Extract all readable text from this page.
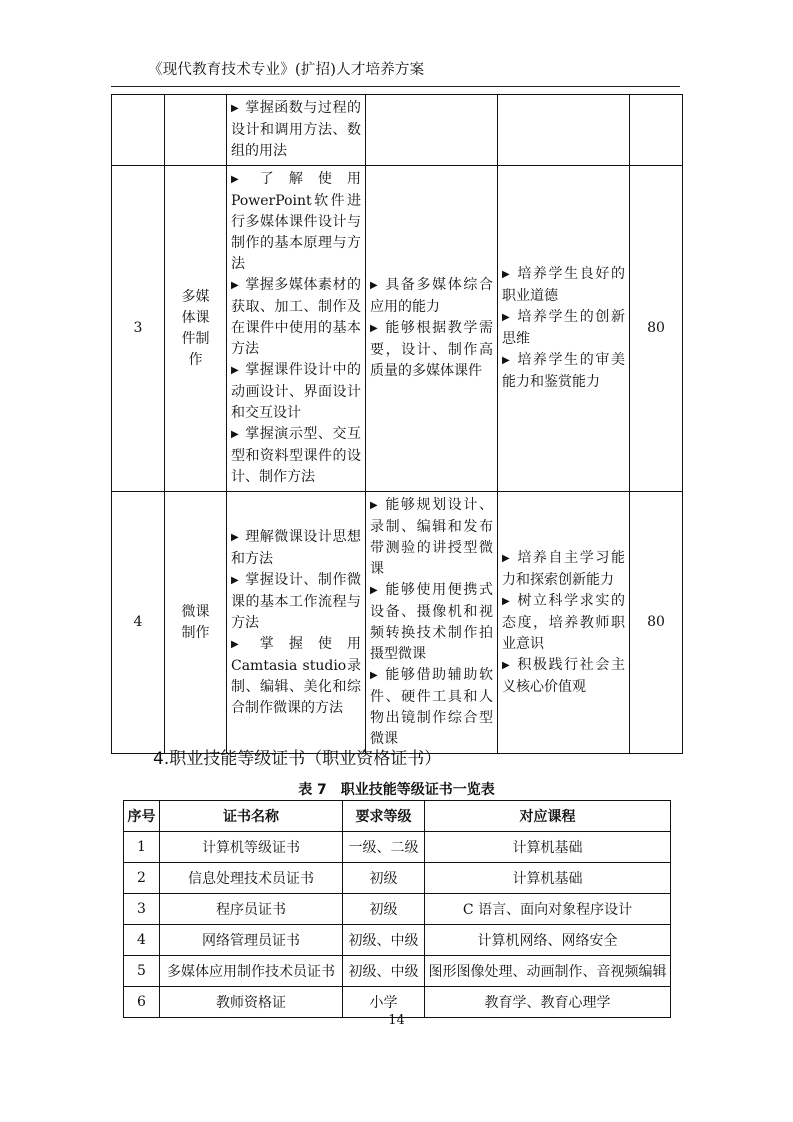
《现代教育技术专业》(扩招)人才培养方案

		▶ 掌握函数与过程的设计和调用方法、数组的用法			

3	多媒体课件制作	▶ 了解使用PowerPoint软件进行多媒体课件设计与制作的基本原理与方法
▶ 掌握多媒体素材的获取、加工、制作及在课件中使用的基本方法
▶ 掌握课件设计中的动画设计、界面设计和交互设计
▶ 掌握演示型、交互型和资料型课件的设计、制作方法	▶ 具备多媒体综合应用的能力
▶ 能够根据教学需要，设计、制作高质量的多媒体课件	▶ 培养学生良好的职业道德
▶ 培养学生的创新思维
▶ 培养学生的审美能力和鉴赏能力	80
4	微课制作	▶ 理解微课设计思想和方法
▶ 掌握设计、制作微课的基本工作流程与方法
▶ 掌握使用Camtasia studio录制、编辑、美化和综合制作微课的方法	▶ 能够规划设计、录制、编辑和发布带测验的讲授型微课
▶ 能够使用便携式设备、摄像机和视频转换技术制作拍摄型微课
▶ 能够借助辅助软件、硬件工具和人物出镜制作综合型微课	▶ 培养自主学习能力和探索创新能力
▶ 树立科学求实的态度，培养教师职业意识
▶ 积极践行社会主义核心价值观	80
4.职业技能等级证书（职业资格证书）
表 7　职业技能等级证书一览表
序号	证书名称	要求等级	对应课程
1	计算机等级证书	一级、二级	计算机基础
2	信息处理技术员证书	初级	计算机基础
3	程序员证书	初级	C 语言、面向对象程序设计
4	网络管理员证书	初级、中级	计算机网络、网络安全
5	多媒体应用制作技术员证书	初级、中级	图形图像处理、动画制作、音视频编辑
6	教师资格证	小学	教育学、教育心理学
14
